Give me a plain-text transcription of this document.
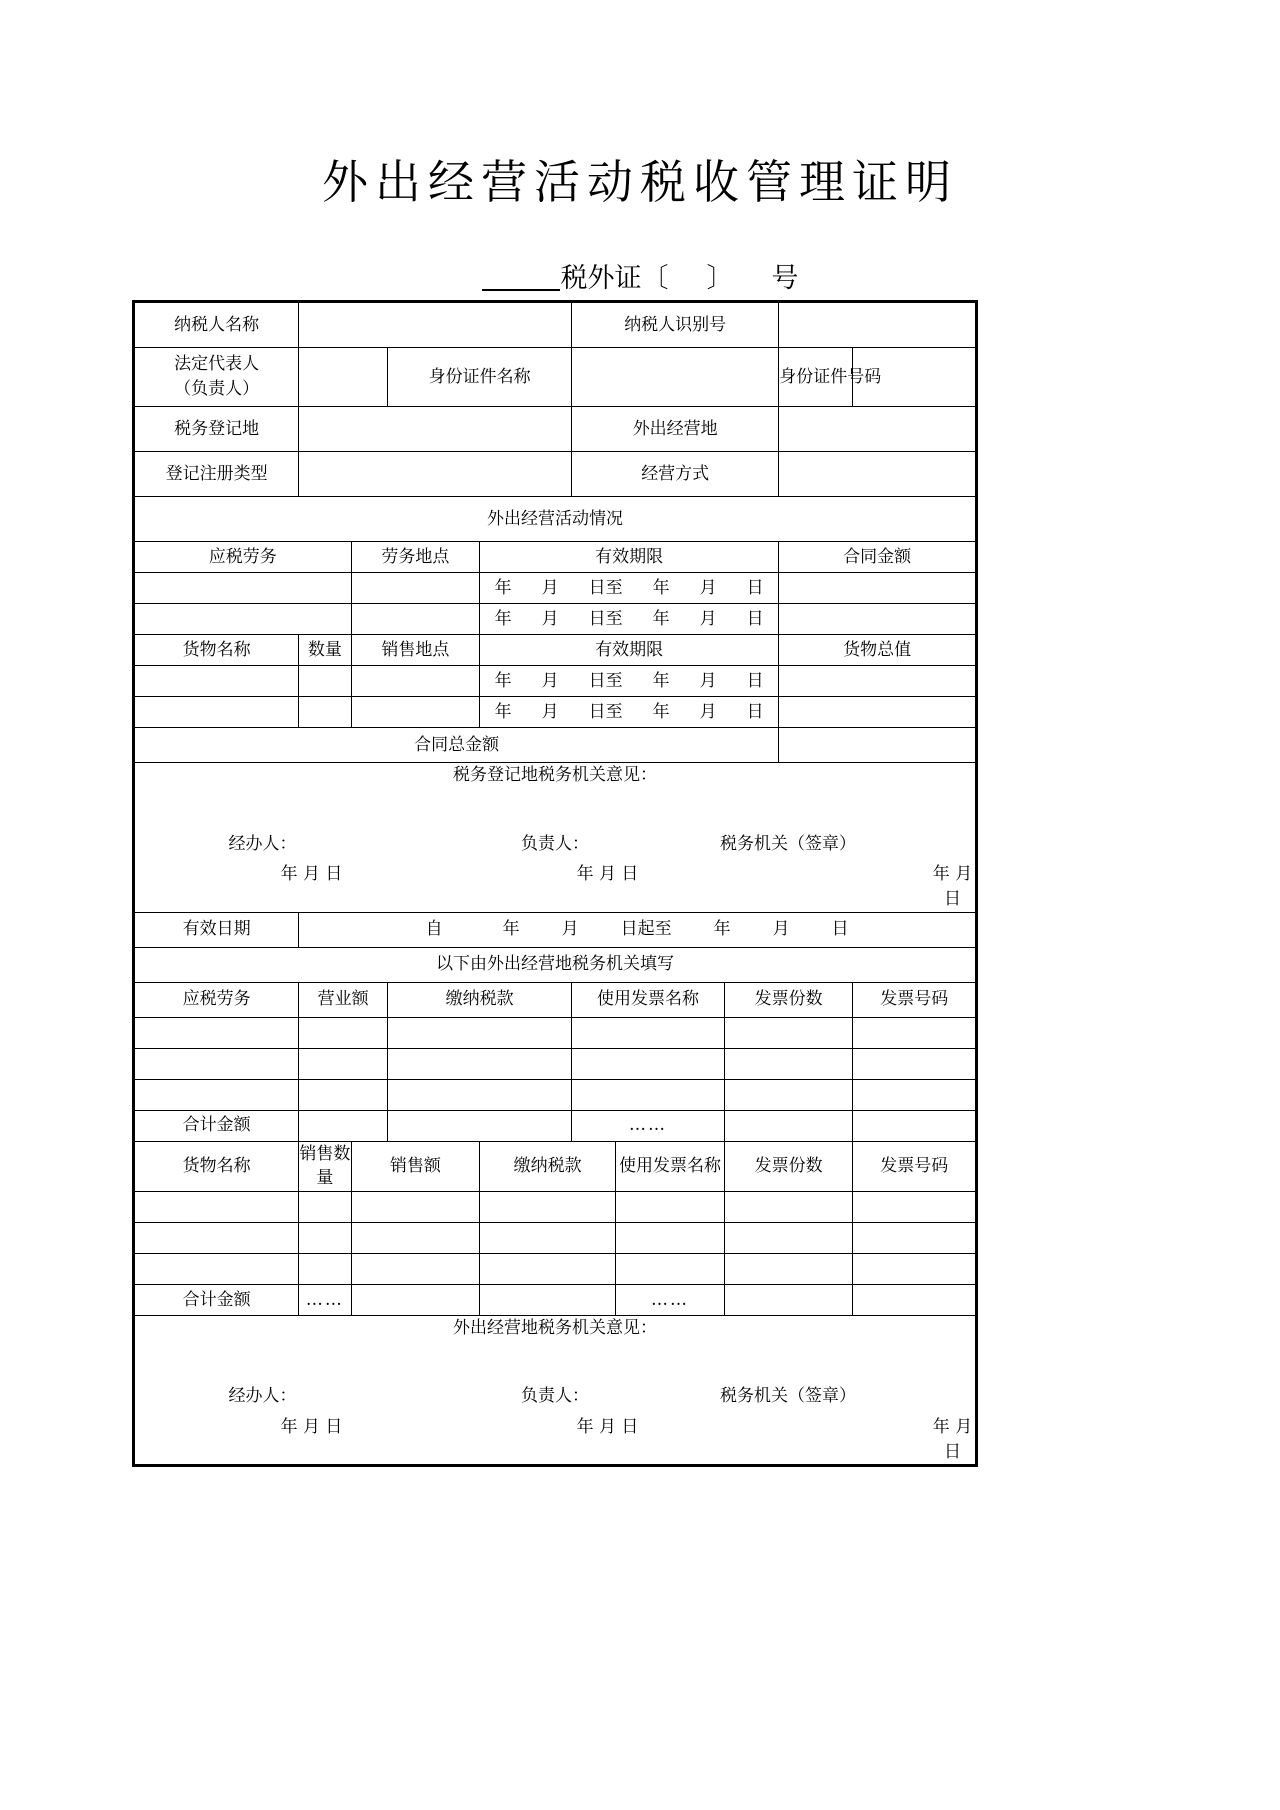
外出经营活动税收管理证明
税外证〔 〕 号
纳税人名称					纳税人识别号				

法定代表人
（负责人）			身份证件名称					身份证件号码	
税务登记地					外出经营地				
登记注册类型					经营方式				
外出经营活动情况									
应税劳务		劳务地点		有效期限				合同金额	
				年 月 日至 年 月 日					
				年 月 日至 年 月 日					
货物名称	数量	销售地点		有效期限				货物总值	
				年 月 日至 年 月 日					
				年 月 日至 年 月 日					
合同总金额									

税务登记地税务机关意见：
经办人：	负责人：	税务机关（签章）
年 月 日	年 月 日	年 月 日

有效日期	自 年 月 日起至 年 月 日								
以下由外出经营地税务机关填写									
应税劳务	营业额		缴纳税款		使用发票名称		发票份数		发票号码

合计金额					……				
货物名称	销售数量	销售额		缴纳税款		使用发票名称	发票份数		发票号码

合计金额	……					……			

外出经营地税务机关意见：
经办人：	负责人：	税务机关（签章）
年 月 日	年 月 日	年 月 日
